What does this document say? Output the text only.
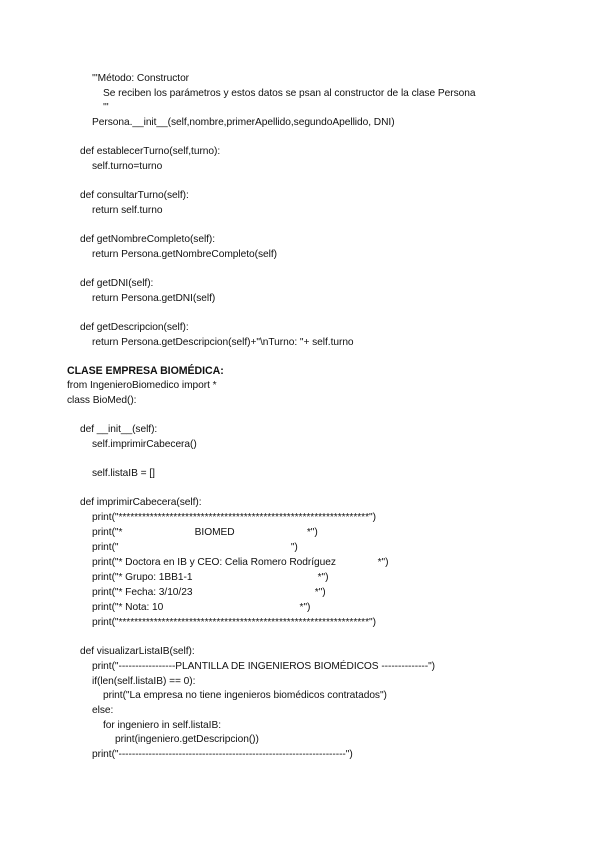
'''Método: Constructor
Se reciben los parámetros y estos datos se psan al constructor de la clase Persona
'''
Persona.__init__(self,nombre,primerApellido,segundoApellido, DNI)
def establecerTurno(self,turno):
self.turno=turno
def consultarTurno(self):
return self.turno
def getNombreCompleto(self):
return Persona.getNombreCompleto(self)
def getDNI(self):
return Persona.getDNI(self)
def getDescripcion(self):
return Persona.getDescripcion(self)+"\nTurno: "+ self.turno
CLASE EMPRESA BIOMÉDICA:
from IngenieroBiomedico import *
class BioMed():
def __init__(self):
self.imprimirCabecera()
self.listaIB = []
def imprimirCabecera(self):
print("****************************************************************")
print("*                          BIOMED                          *")
print("                                                              ")
print("* Doctora en IB y CEO: Celia Romero Rodríguez               *")
print("* Grupo: 1BB1-1                                             *")
print("* Fecha: 3/10/23                                            *")
print("* Nota: 10                                                 *")
print("****************************************************************")
def visualizarListaIB(self):
print("-----------------PLANTILLA DE INGENIEROS BIOMÉDICOS --------------")
if(len(self.listaIB) == 0):
print("La empresa no tiene ingenieros biomédicos contratados")
else:
for ingeniero in self.listaIB:
print(ingeniero.getDescripcion())
print("--------------------------------------------------------------------")
